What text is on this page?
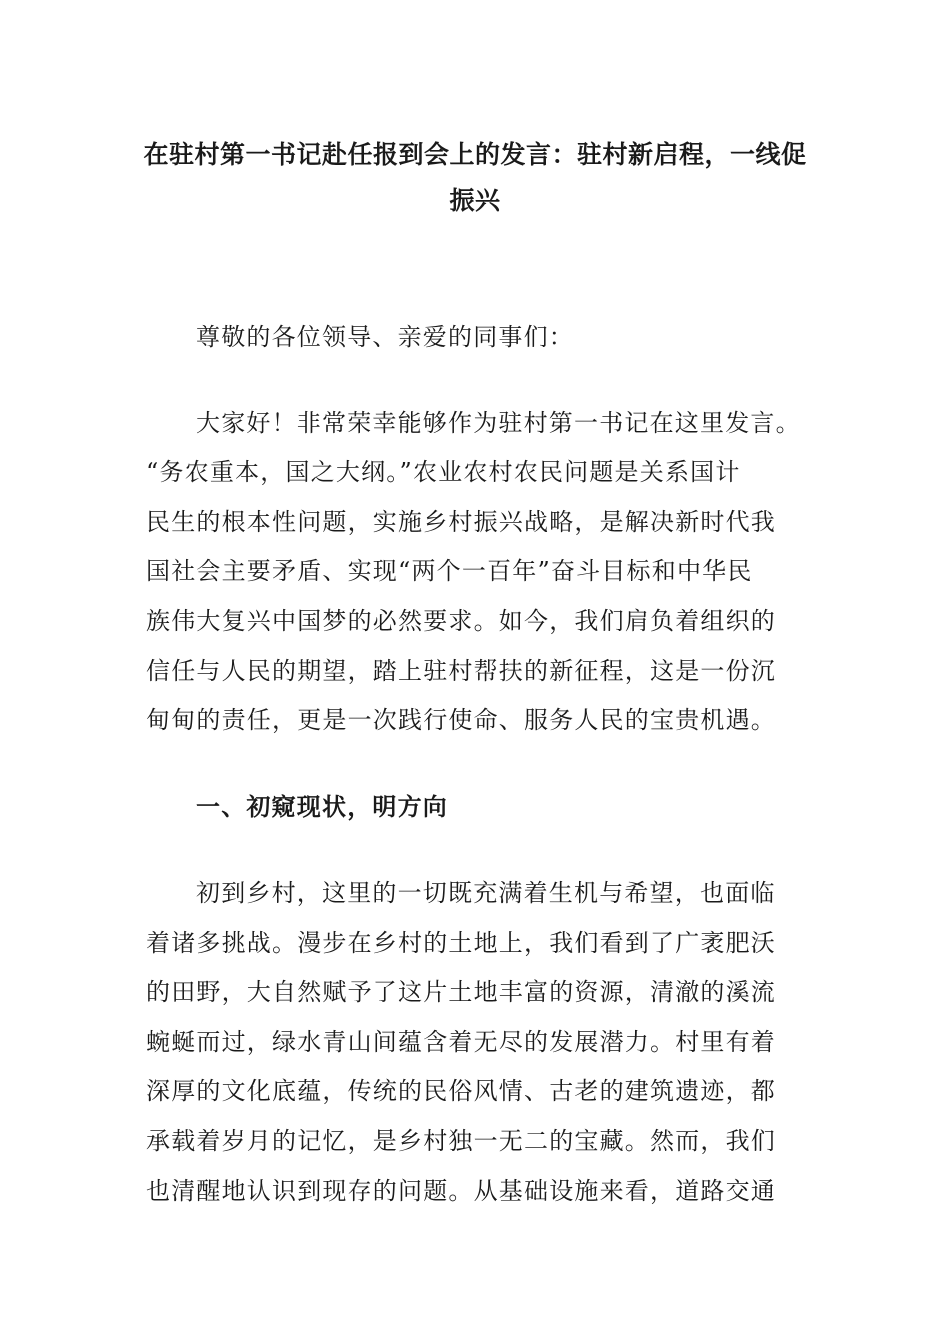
在驻村第一书记赴任报到会上的发言：驻村新启程，一线促振兴
尊敬的各位领导、亲爱的同事们：
大家好！非常荣幸能够作为驻村第一书记在这里发言。
“务农重本，国之大纲。”农业农村农民问题是关系国计
民生的根本性问题，实施乡村振兴战略，是解决新时代我
国社会主要矛盾、实现“两个一百年”奋斗目标和中华民
族伟大复兴中国梦的必然要求。如今，我们肩负着组织的
信任与人民的期望，踏上驻村帮扶的新征程，这是一份沉
甸甸的责任，更是一次践行使命、服务人民的宝贵机遇。
一、初窥现状，明方向
初到乡村，这里的一切既充满着生机与希望，也面临
着诸多挑战。漫步在乡村的土地上，我们看到了广袤肥沃
的田野，大自然赋予了这片土地丰富的资源，清澈的溪流
蜿蜒而过，绿水青山间蕴含着无尽的发展潜力。村里有着
深厚的文化底蕴，传统的民俗风情、古老的建筑遗迹，都
承载着岁月的记忆，是乡村独一无二的宝藏。然而，我们
也清醒地认识到现存的问题。从基础设施来看，道路交通
